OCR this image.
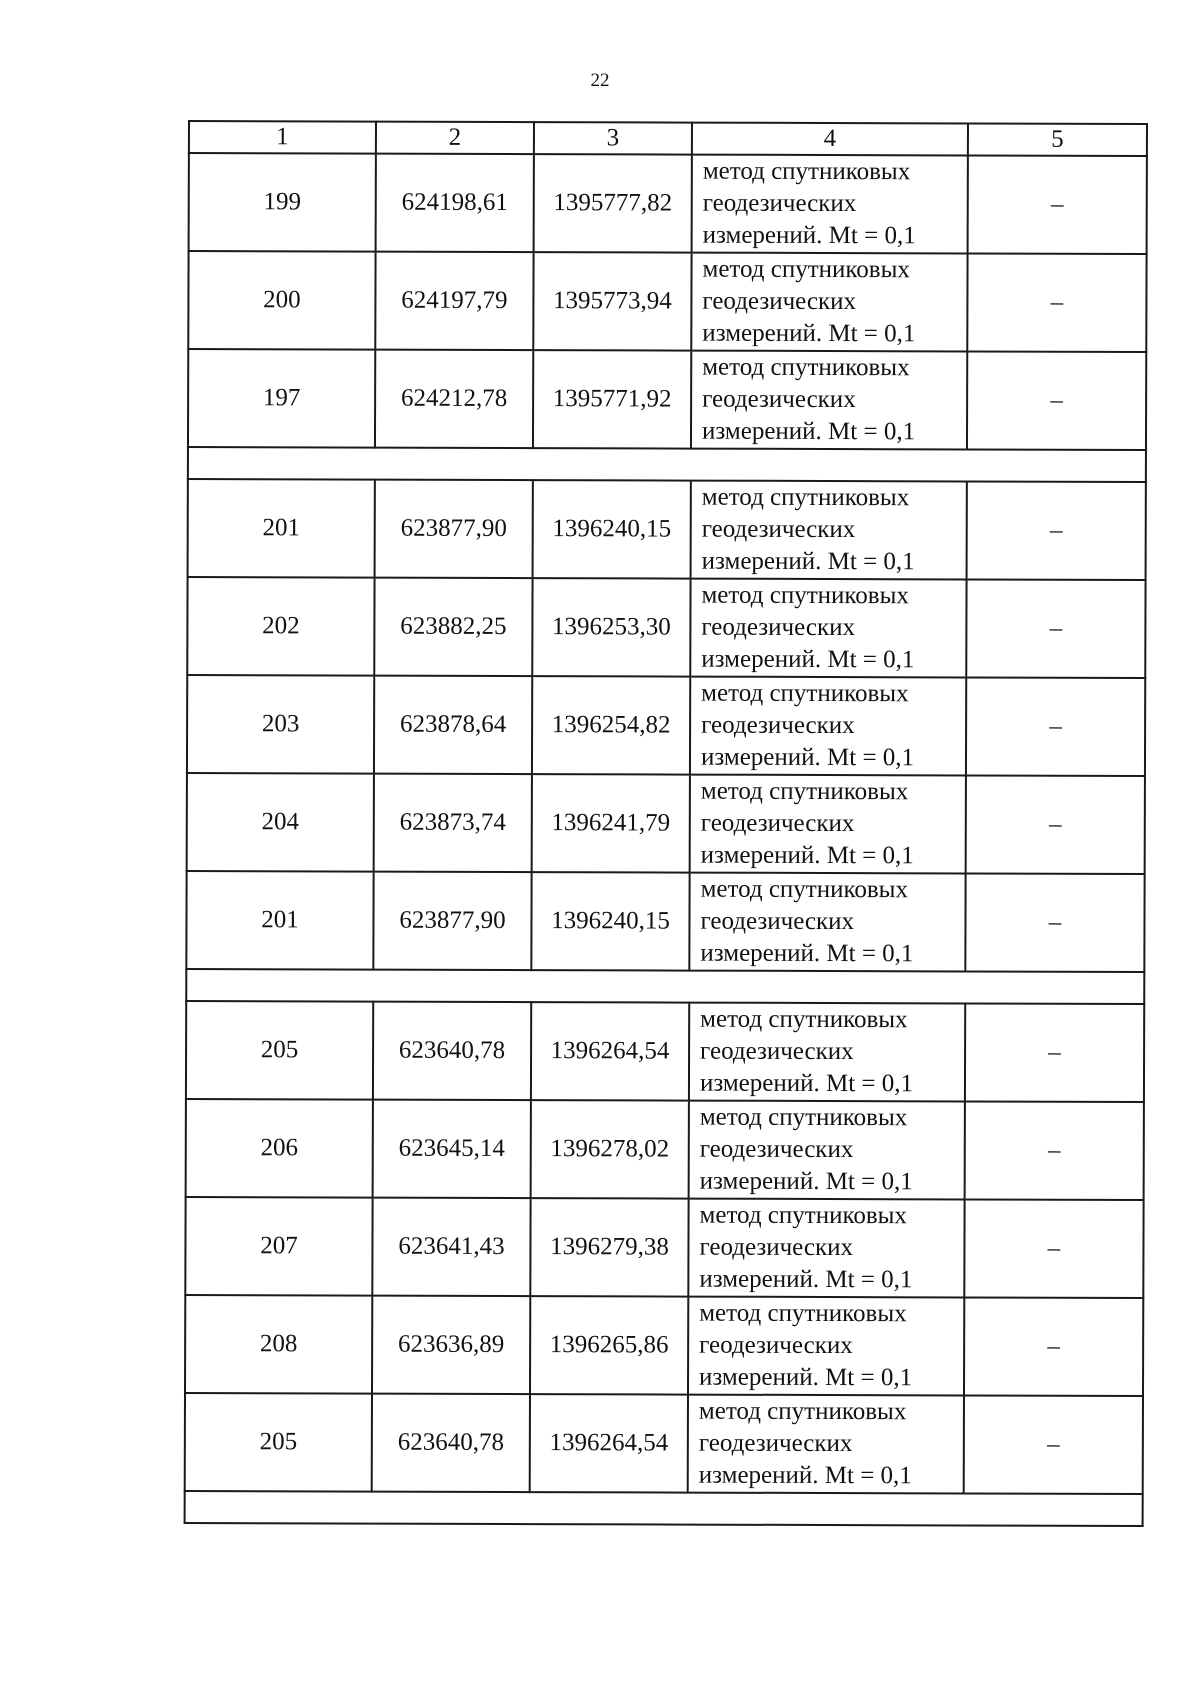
22
1	2	3	4	5
199	624198,61	1395777,82	метод спутниковых
геодезических
измерений. Mt = 0,1	–
200	624197,79	1395773,94	метод спутниковых
геодезических
измерений. Mt = 0,1	–
197	624212,78	1395771,92	метод спутниковых
геодезических
измерений. Mt = 0,1	–

201	623877,90	1396240,15	метод спутниковых
геодезических
измерений. Mt = 0,1	–
202	623882,25	1396253,30	метод спутниковых
геодезических
измерений. Mt = 0,1	–
203	623878,64	1396254,82	метод спутниковых
геодезических
измерений. Mt = 0,1	–
204	623873,74	1396241,79	метод спутниковых
геодезических
измерений. Mt = 0,1	–
201	623877,90	1396240,15	метод спутниковых
геодезических
измерений. Mt = 0,1	–

205	623640,78	1396264,54	метод спутниковых
геодезических
измерений. Mt = 0,1	–
206	623645,14	1396278,02	метод спутниковых
геодезических
измерений. Mt = 0,1	–
207	623641,43	1396279,38	метод спутниковых
геодезических
измерений. Mt = 0,1	–
208	623636,89	1396265,86	метод спутниковых
геодезических
измерений. Mt = 0,1	–
205	623640,78	1396264,54	метод спутниковых
геодезических
измерений. Mt = 0,1	–
